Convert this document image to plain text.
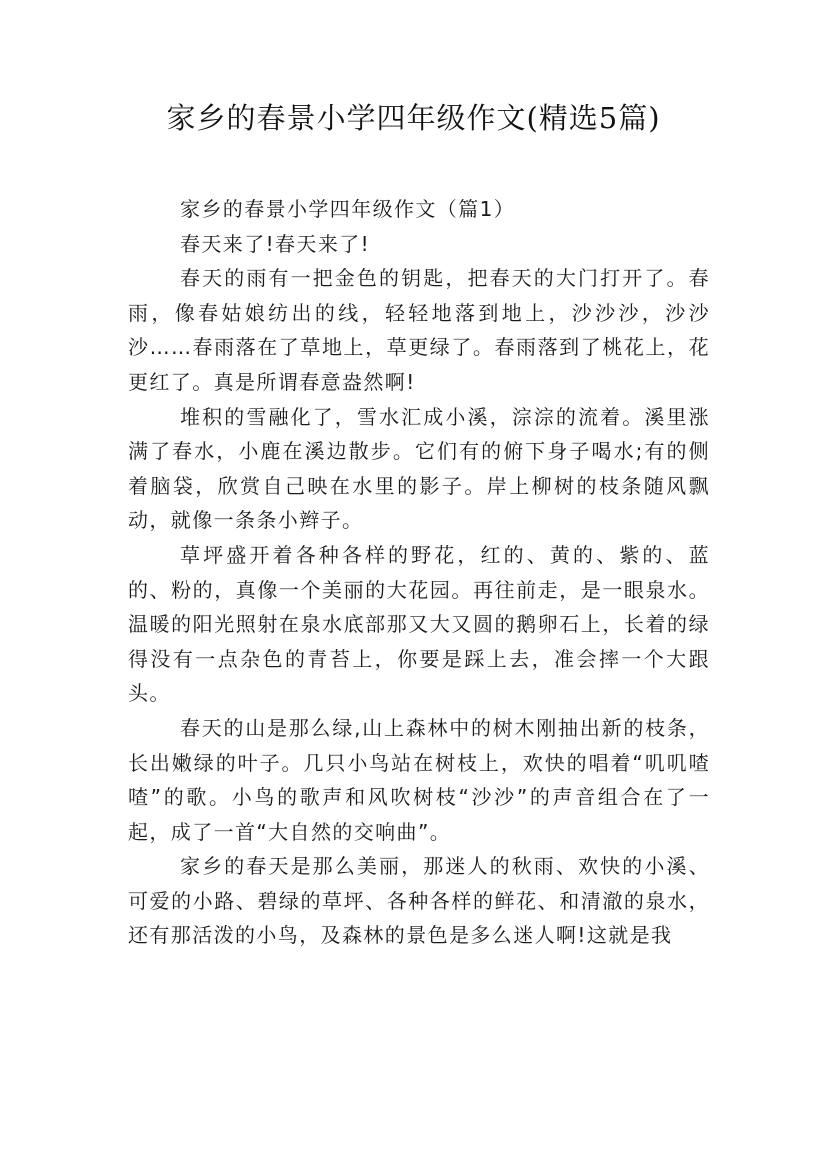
家乡的春景小学四年级作文(精选5篇)

家乡的春景小学四年级作文（篇1）

春天来了!春天来了!

春天的雨有一把金色的钥匙，把春天的大门打开了。春雨，像春姑娘纺出的线，轻轻地落到地上，沙沙沙，沙沙沙……春雨落在了草地上，草更绿了。春雨落到了桃花上，花更红了。真是所谓春意盎然啊!

堆积的雪融化了，雪水汇成小溪，淙淙的流着。溪里涨满了春水，小鹿在溪边散步。它们有的俯下身子喝水;有的侧着脑袋，欣赏自己映在水里的影子。岸上柳树的枝条随风飘动，就像一条条小辫子。

草坪盛开着各种各样的野花，红的、黄的、紫的、蓝的、粉的，真像一个美丽的大花园。再往前走，是一眼泉水。温暖的阳光照射在泉水底部那又大又圆的鹅卵石上，长着的绿得没有一点杂色的青苔上，你要是踩上去，准会摔一个大跟头。

春天的山是那么绿,山上森林中的树木刚抽出新的枝条，长出嫩绿的叶子。几只小鸟站在树枝上，欢快的唱着“叽叽喳喳”的歌。小鸟的歌声和风吹树枝“沙沙”的声音组合在了一起，成了一首“大自然的交响曲”。

家乡的春天是那么美丽，那迷人的秋雨、欢快的小溪、可爱的小路、碧绿的草坪、各种各样的鲜花、和清澈的泉水，还有那活泼的小鸟，及森林的景色是多么迷人啊!这就是我
